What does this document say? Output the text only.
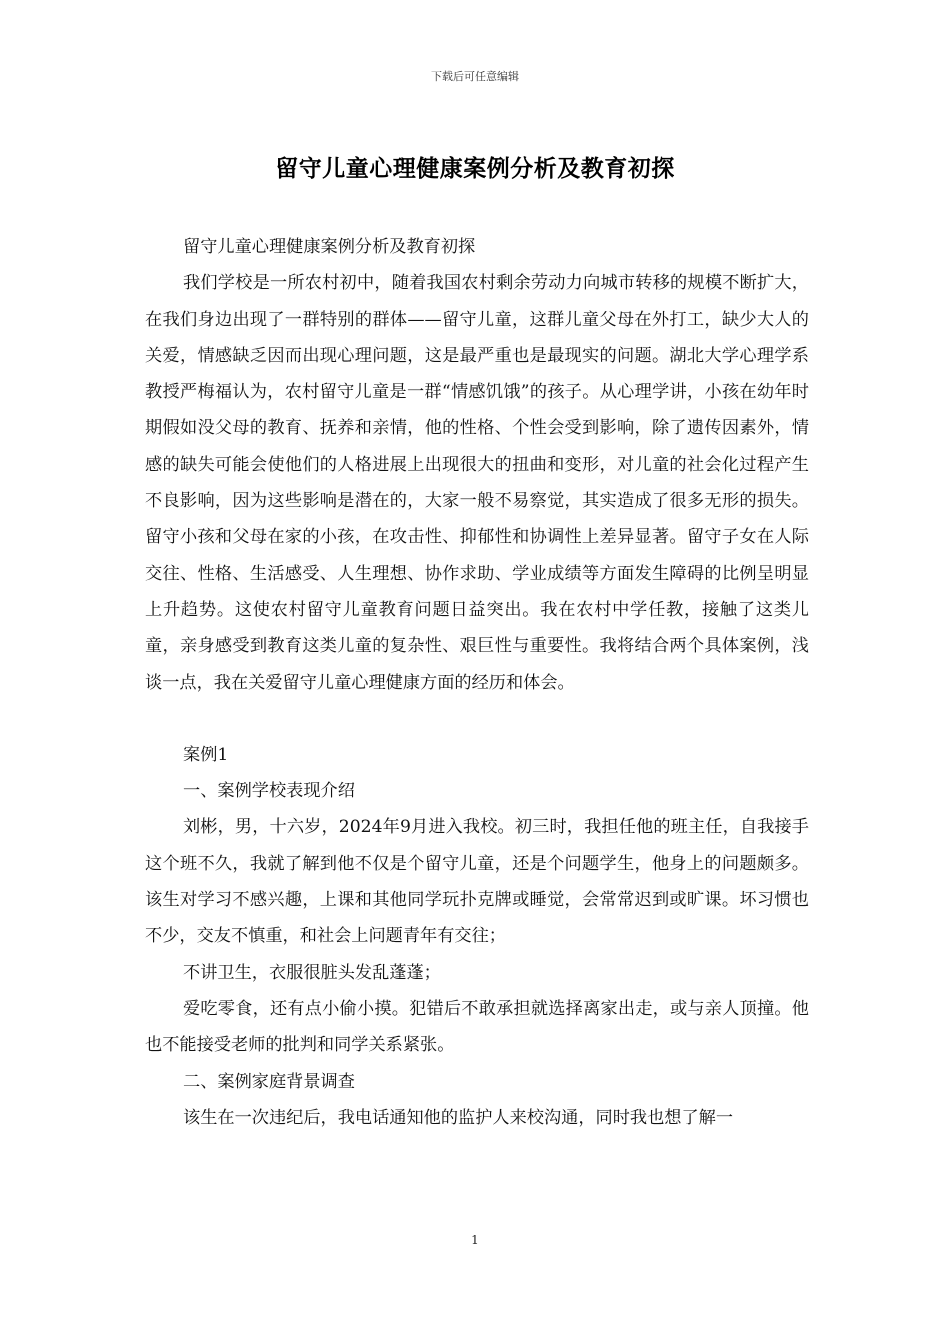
下载后可任意编辑
留守儿童心理健康案例分析及教育初探

留守儿童心理健康案例分析及教育初探

我们学校是一所农村初中，随着我国农村剩余劳动力向城市转移的规模不断扩大，在我们身边出现了一群特别的群体——留守儿童，这群儿童父母在外打工，缺少大人的关爱，情感缺乏因而出现心理问题，这是最严重也是最现实的问题。湖北大学心理学系教授严梅福认为，农村留守儿童是一群“情感饥饿”的孩子。从心理学讲，小孩在幼年时期假如没父母的教育、抚养和亲情，他的性格、个性会受到影响，除了遗传因素外，情感的缺失可能会使他们的人格进展上出现很大的扭曲和变形，对儿童的社会化过程产生不良影响，因为这些影响是潜在的，大家一般不易察觉，其实造成了很多无形的损失。留守小孩和父母在家的小孩，在攻击性、抑郁性和协调性上差异显著。留守子女在人际交往、性格、生活感受、人生理想、协作求助、学业成绩等方面发生障碍的比例呈明显上升趋势。这使农村留守儿童教育问题日益突出。我在农村中学任教，接触了这类儿童，亲身感受到教育这类儿童的复杂性、艰巨性与重要性。我将结合两个具体案例，浅谈一点，我在关爱留守儿童心理健康方面的经历和体会。

案例1

一、案例学校表现介绍

刘彬，男，十六岁，2024年9月进入我校。初三时，我担任他的班主任，自我接手这个班不久，我就了解到他不仅是个留守儿童，还是个问题学生，他身上的问题颇多。该生对学习不感兴趣，上课和其他同学玩扑克牌或睡觉，会常常迟到或旷课。坏习惯也不少，交友不慎重，和社会上问题青年有交往；

不讲卫生，衣服很脏头发乱蓬蓬；

爱吃零食，还有点小偷小摸。犯错后不敢承担就选择离家出走，或与亲人顶撞。他也不能接受老师的批判和同学关系紧张。

二、案例家庭背景调查

该生在一次违纪后，我电话通知他的监护人来校沟通，同时我也想了解一

1
